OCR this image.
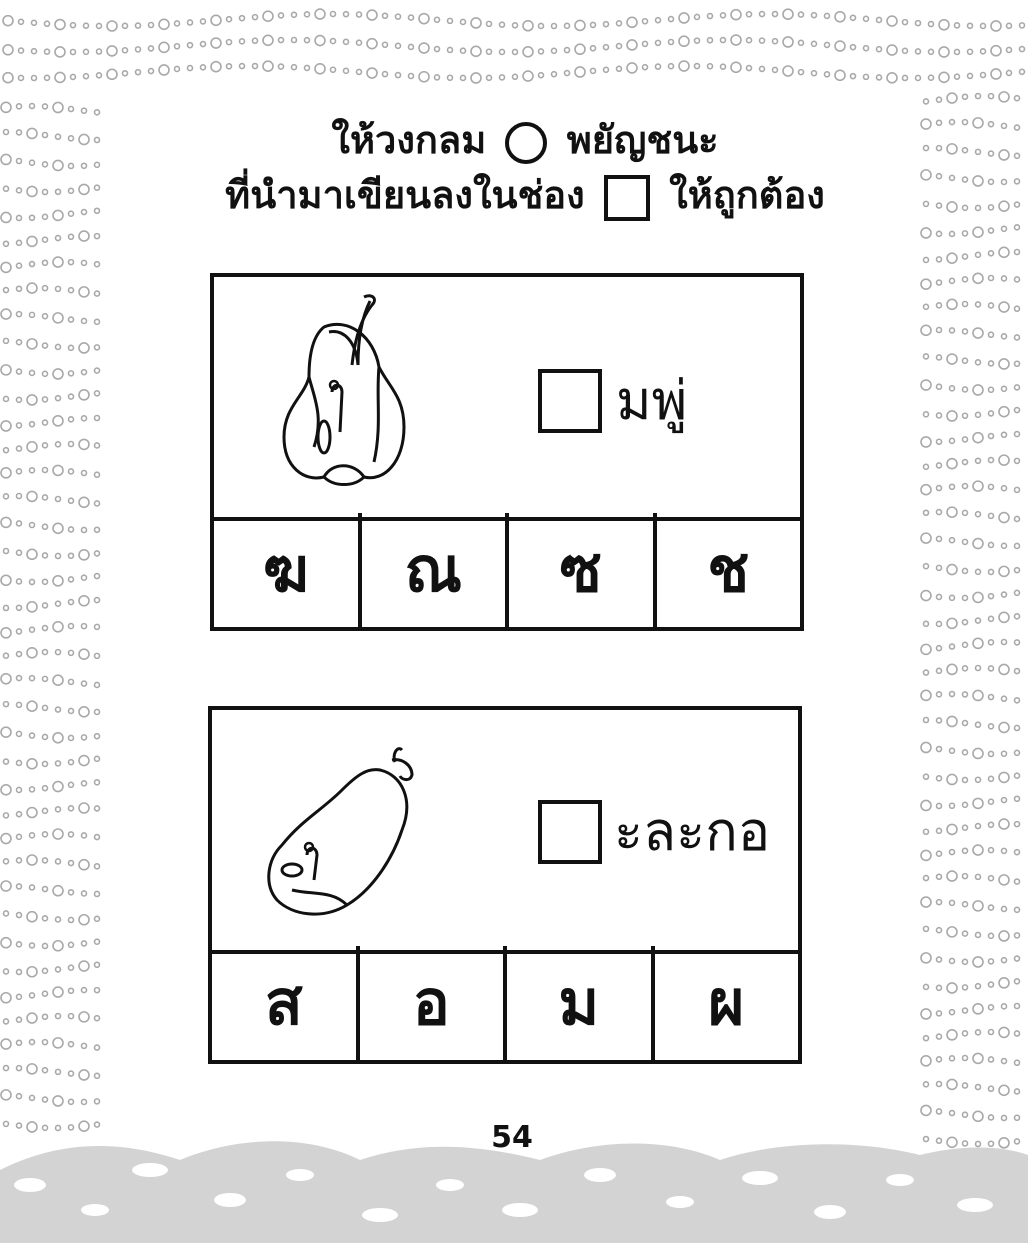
ให้วงกลม พยัญชนะ
ที่นำมาเขียนลงในช่อง ให้ถูกต้อง
มพู่
ฆ	ณ	ซ	ช
ะละกอ
ส	อ	ม	ผ
54
